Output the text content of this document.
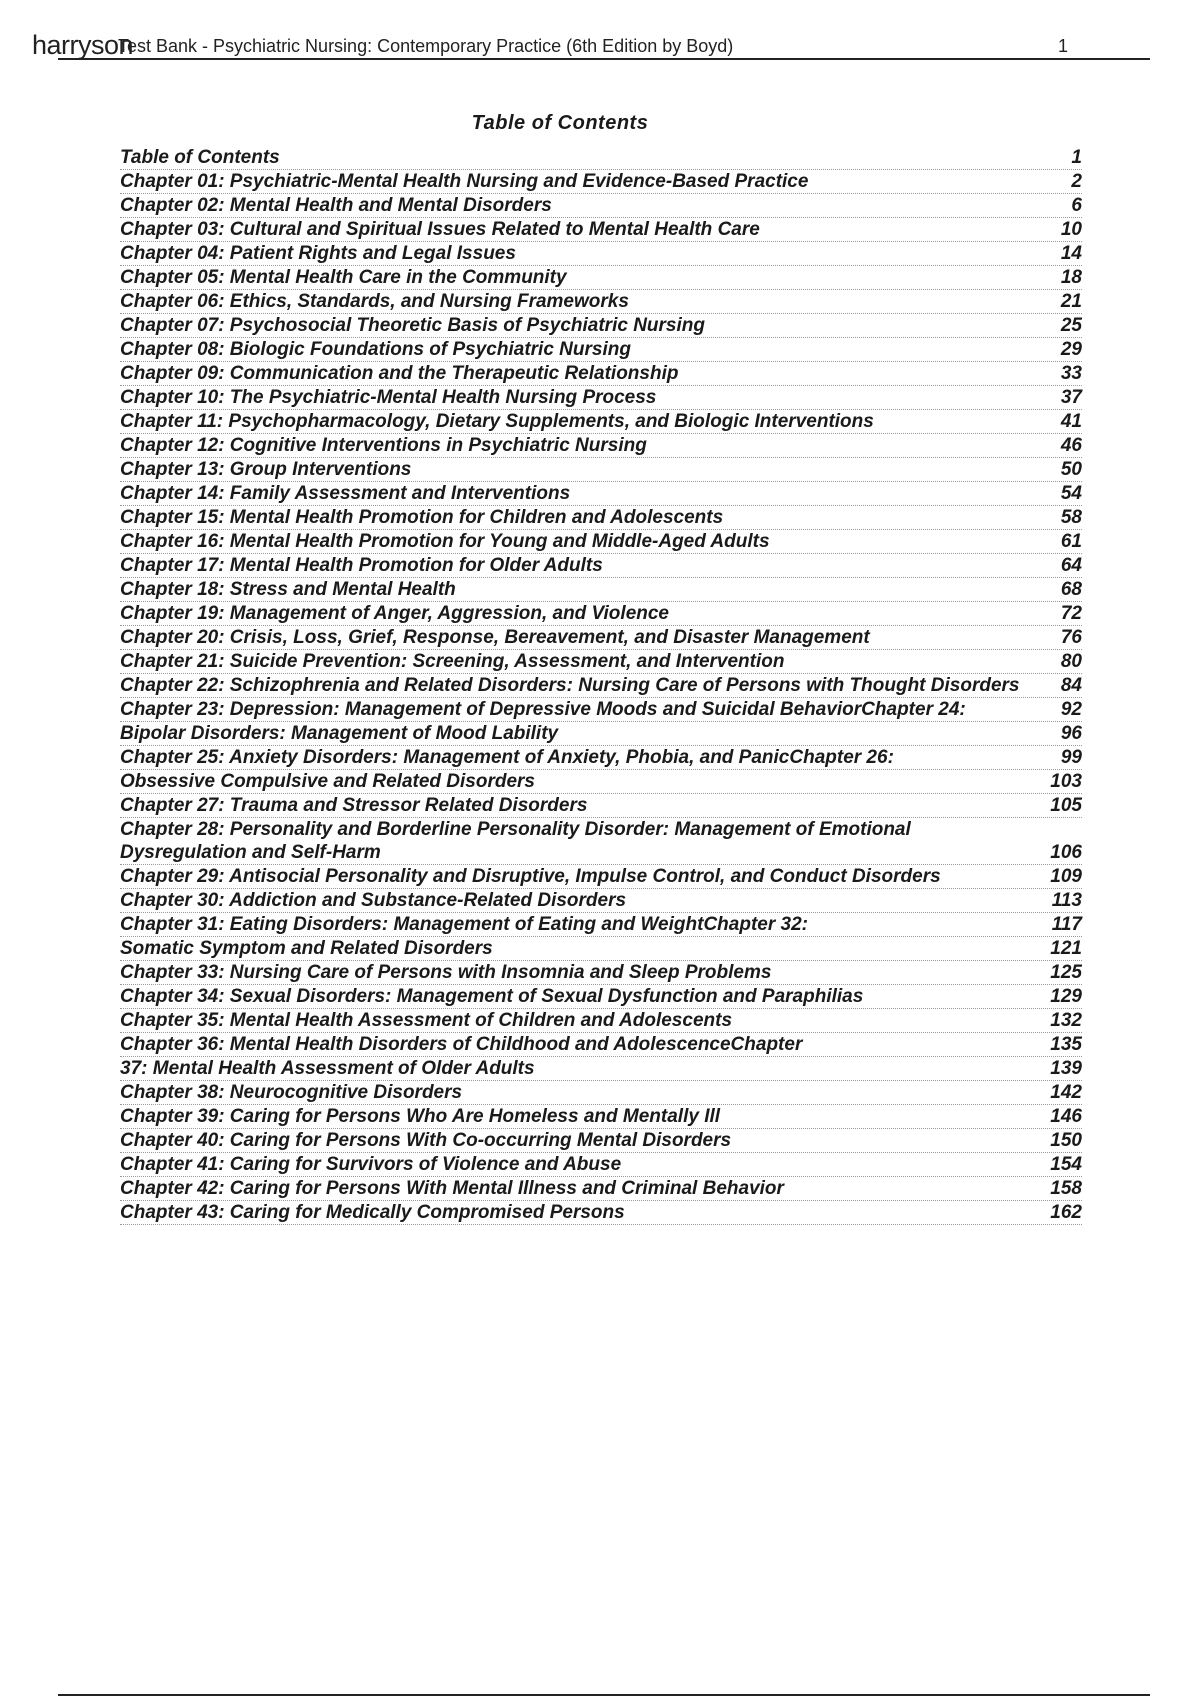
harryson
Test Bank - Psychiatric Nursing: Contemporary Practice (6th Edition by Boyd)	1
Table of Contents
Table of Contents	1
Chapter 01: Psychiatric-Mental Health Nursing and Evidence-Based Practice	2
Chapter 02: Mental Health and Mental Disorders	6
Chapter 03: Cultural and Spiritual Issues Related to Mental Health Care	10
Chapter 04: Patient Rights and Legal Issues	14
Chapter 05: Mental Health Care in the Community	18
Chapter 06: Ethics, Standards, and Nursing Frameworks	21
Chapter 07: Psychosocial Theoretic Basis of Psychiatric Nursing	25
Chapter 08: Biologic Foundations of Psychiatric Nursing	29
Chapter 09: Communication and the Therapeutic Relationship	33
Chapter 10: The Psychiatric-Mental Health Nursing Process	37
Chapter 11: Psychopharmacology, Dietary Supplements, and Biologic Interventions	41
Chapter 12: Cognitive Interventions in Psychiatric Nursing	46
Chapter 13: Group Interventions	50
Chapter 14: Family Assessment and Interventions	54
Chapter 15: Mental Health Promotion for Children and Adolescents	58
Chapter 16: Mental Health Promotion for Young and Middle-Aged Adults	61
Chapter 17: Mental Health Promotion for Older Adults	64
Chapter 18: Stress and Mental Health	68
Chapter 19: Management of Anger, Aggression, and Violence	72
Chapter 20: Crisis, Loss, Grief, Response, Bereavement, and Disaster Management	76
Chapter 21: Suicide Prevention: Screening, Assessment, and Intervention	80
Chapter 22: Schizophrenia and Related Disorders: Nursing Care of Persons with Thought Disorders	84
Chapter 23: Depression: Management of Depressive Moods and Suicidal BehaviorChapter 24:	92
Bipolar Disorders: Management of Mood Lability	96
Chapter 25: Anxiety Disorders: Management of Anxiety, Phobia, and PanicChapter 26:	99
Obsessive Compulsive and Related Disorders	103
Chapter 27: Trauma and Stressor Related Disorders	105
Chapter 28: Personality and Borderline Personality Disorder: Management of Emotional Dysregulation and Self-Harm	106
Chapter 29: Antisocial Personality and Disruptive, Impulse Control, and Conduct Disorders	109
Chapter 30: Addiction and Substance-Related Disorders	113
Chapter 31: Eating Disorders: Management of Eating and WeightChapter 32:	117
Somatic Symptom and Related Disorders	121
Chapter 33: Nursing Care of Persons with Insomnia and Sleep Problems	125
Chapter 34: Sexual Disorders: Management of Sexual Dysfunction and Paraphilias	129
Chapter 35: Mental Health Assessment of Children and Adolescents	132
Chapter 36: Mental Health Disorders of Childhood and AdolescenceChapter	135
37: Mental Health Assessment of Older Adults	139
Chapter 38: Neurocognitive Disorders	142
Chapter 39: Caring for Persons Who Are Homeless and Mentally Ill	146
Chapter 40: Caring for Persons With Co-occurring Mental Disorders	150
Chapter 41: Caring for Survivors of Violence and Abuse	154
Chapter 42: Caring for Persons With Mental Illness and Criminal Behavior	158
Chapter 43: Caring for Medically Compromised Persons	162
